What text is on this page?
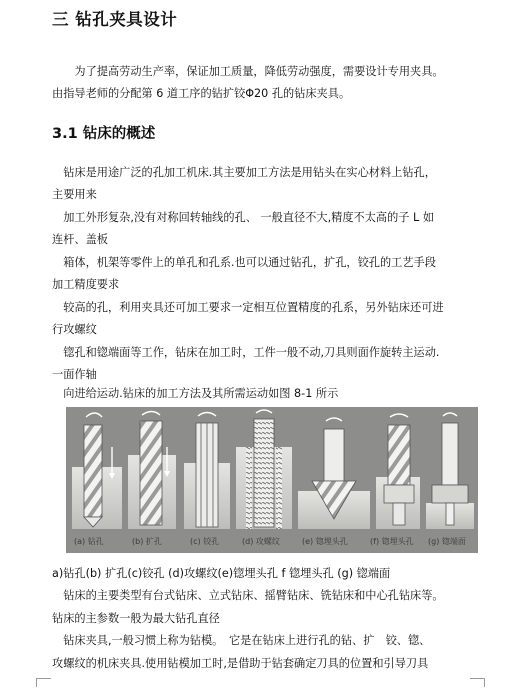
三 钻孔夹具设计
　　为了提高劳动生产率，保证加工质量，降低劳动强度，需要设计专用夹具。
由指导老师的分配第 6 道工序的钻扩铰Φ20 孔的钻床夹具。
3.1 钻床的概述
　钻床是用途广泛的孔加工机床.其主要加工方法是用钻头在实心材料上钻孔，
主要用来
　加工外形复杂,没有对称回转轴线的孔、 一般直径不大,精度不太高的子 L 如
连杆、盖板
　箱体，机架等零件上的单孔和孔系.也可以通过钻孔，扩孔，铰孔的工艺手段
加工精度要求
　较高的孔，利用夹具还可加工要求一定相互位置精度的孔系，另外钻床还可进
行攻螺纹
　锪孔和锪端面等工作，钻床在加工时，工件一般不动,刀具则面作旋转主运动.
一面作轴
　向进给运动.钻床的加工方法及其所需运动如图 8-1 所示
(a) 钻孔	(b) 扩孔	(c) 铰孔	(d) 攻螺纹	(e) 锪埋头孔	(f) 锪埋头孔 (g) 锪端面
a)钻孔(b) 扩孔(c)铰孔 (d)攻螺纹(e)锪埋头孔 f 锪埋头孔 (g) 锪端面
　钻床的主要类型有台式钻床、立式钻床、摇臂钻床、铣钻床和中心孔钻床等。
钻床的主参数一般为最大钻孔直径
　钻床夹具,一般习惯上称为钻模。　它是在钻床上进行孔的钻、扩　铰、锪、
攻螺纹的机床夹具.使用钻模加工时,是借助于钻套确定刀具的位置和引导刀具
